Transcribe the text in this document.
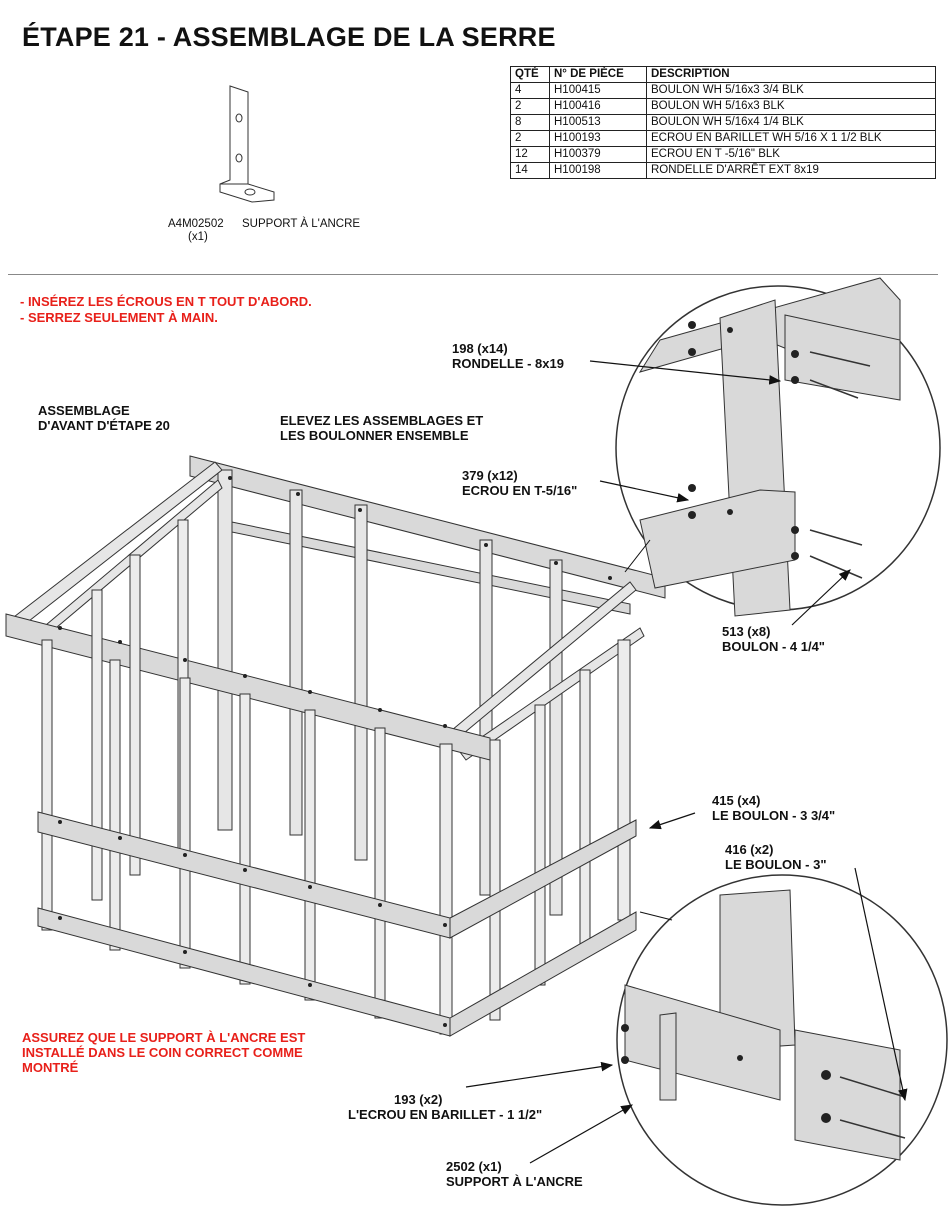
ÉTAPE 21 - ASSEMBLAGE DE LA SERRE
QTÉ	N° DE PIÈCE	DESCRIPTION
4	H100415	BOULON WH 5/16x3 3/4 BLK
2	H100416	BOULON WH 5/16x3 BLK
8	H100513	BOULON WH 5/16x4 1/4 BLK
2	H100193	ECROU EN BARILLET WH 5/16 X 1 1/2 BLK
12	H100379	ECROU EN T -5/16" BLK
14	H100198	RONDELLE D'ARRÊT EXT 8x19
A4M02502
(x1)
SUPPORT À L'ANCRE
- INSÉREZ LES ÉCROUS EN T TOUT D'ABORD.
- SERREZ SEULEMENT À MAIN.
ASSEMBLAGE
D'AVANT D'ÉTAPE 20	ELEVEZ LES ASSEMBLAGES ET
LES BOULONNER ENSEMBLE
198 (x14)
RONDELLE - 8x19
379 (x12)
ECROU EN T-5/16"
513 (x8)
BOULON - 4 1/4"
415 (x4)
LE BOULON - 3 3/4"
416 (x2)
LE BOULON - 3"
193 (x2)
L'ECROU EN BARILLET - 1 1/2"
2502 (x1)
SUPPORT À L'ANCRE
ASSUREZ QUE LE SUPPORT À L'ANCRE EST
INSTALLÉ DANS LE COIN CORRECT COMME
MONTRÉ
